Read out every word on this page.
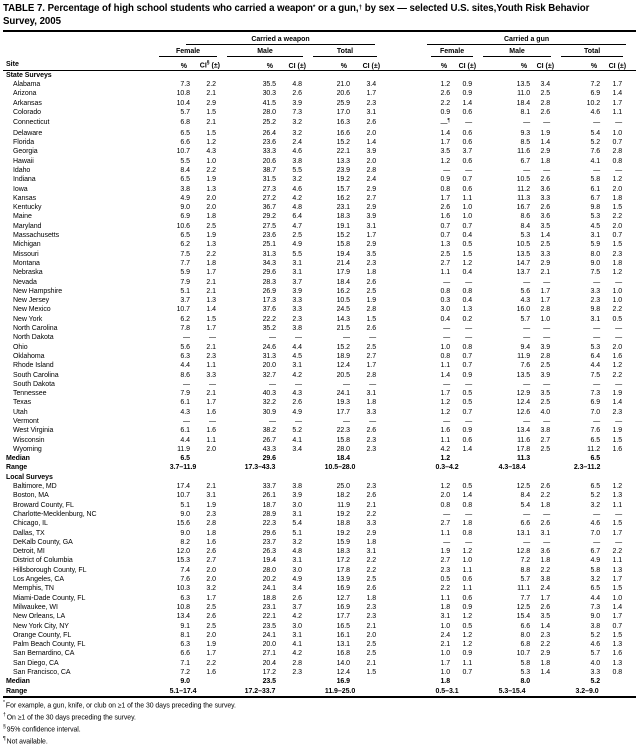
TABLE 7. Percentage of high school students who carried a weapon* or a gun,† by sex — selected U.S. sites,Youth Risk Behavior
Survey, 2005
Site	Carried a weapon							Carried a gun						

	Female		Male		Total			Female		Male		Total		

	%	CI§ (±)	%	CI (±)	%	CI (±)		%	CI (±)	%	CI (±)	%	CI (±)	
State Surveys														
Alabama	7.3	2.2	35.5	4.8	21.0	3.4		1.2	0.9	13.5	3.4	7.2	1.7	
Arizona	10.8	2.1	30.3	2.6	20.6	1.7		2.6	0.9	11.0	2.5	6.9	1.4	
Arkansas	10.4	2.9	41.5	3.9	25.9	2.3		2.2	1.4	18.4	2.8	10.2	1.7	
Colorado	5.7	1.5	28.0	7.3	17.0	3.1		0.9	0.6	8.1	2.6	4.6	1.1	
Connecticut	6.8	2.1	25.2	3.2	16.3	2.6		—¶	—	—	—	—	—	
Delaware	6.5	1.5	26.4	3.2	16.6	2.0		1.4	0.6	9.3	1.9	5.4	1.0	
Florida	6.6	1.2	23.6	2.4	15.2	1.4		1.7	0.6	8.5	1.4	5.2	0.7	
Georgia	10.7	4.3	33.3	4.6	22.1	3.9		3.5	3.7	11.6	2.9	7.6	2.8	
Hawaii	5.5	1.0	20.6	3.8	13.3	2.0		1.2	0.6	6.7	1.8	4.1	0.8	
Idaho	8.4	2.2	38.7	5.5	23.9	2.8		—	—	—	—	—	—	
Indiana	6.5	1.9	31.5	3.2	19.2	2.4		0.9	0.7	10.5	2.6	5.8	1.2	
Iowa	3.8	1.3	27.3	4.6	15.7	2.9		0.8	0.6	11.2	3.6	6.1	2.0	
Kansas	4.9	2.0	27.2	4.2	16.2	2.7		1.7	1.1	11.3	3.3	6.7	1.8	
Kentucky	9.0	2.0	36.7	4.8	23.1	2.9		2.6	1.0	16.7	2.6	9.8	1.5	
Maine	6.9	1.8	29.2	6.4	18.3	3.9		1.6	1.0	8.6	3.6	5.3	2.2	
Maryland	10.6	2.5	27.5	4.7	19.1	3.1		0.7	0.7	8.4	3.5	4.5	2.0	
Massachusetts	6.5	1.9	23.6	2.5	15.2	1.7		0.7	0.4	5.3	1.4	3.1	0.7	
Michigan	6.2	1.3	25.1	4.9	15.8	2.9		1.3	0.5	10.5	2.5	5.9	1.5	
Missouri	7.5	2.2	31.3	5.5	19.4	3.5		2.5	1.5	13.5	3.3	8.0	2.3	
Montana	7.7	1.8	34.3	3.1	21.4	2.3		2.7	1.2	14.7	2.9	9.0	1.8	
Nebraska	5.9	1.7	29.6	3.1	17.9	1.8		1.1	0.4	13.7	2.1	7.5	1.2	
Nevada	7.9	2.1	28.3	3.7	18.4	2.6		—	—	—	—	—	—	
New Hampshire	5.1	2.1	26.9	3.9	16.2	2.5		0.8	0.8	5.6	1.7	3.3	1.0	
New Jersey	3.7	1.3	17.3	3.3	10.5	1.9		0.3	0.4	4.3	1.7	2.3	1.0	
New Mexico	10.7	1.4	37.6	3.3	24.5	2.8		3.0	1.3	16.0	2.8	9.8	2.2	
New York	6.2	1.5	22.2	2.3	14.3	1.5		0.4	0.2	5.7	1.0	3.1	0.5	
North Carolina	7.8	1.7	35.2	3.8	21.5	2.6		—	—	—	—	—	—	
North Dakota	—	—	—	—	—	—		—	—	—	—	—	—	
Ohio	5.6	2.1	24.6	4.4	15.2	2.5		1.0	0.8	9.4	3.9	5.3	2.0	
Oklahoma	6.3	2.3	31.3	4.5	18.9	2.7		0.8	0.7	11.9	2.8	6.4	1.6	
Rhode Island	4.4	1.1	20.0	3.1	12.4	1.7		1.1	0.7	7.6	2.5	4.4	1.2	
South Carolina	8.6	3.3	32.7	4.2	20.5	2.8		1.4	0.9	13.5	3.9	7.5	2.2	
South Dakota	—	—	—	—	—	—		—	—	—	—	—	—	
Tennessee	7.9	2.1	40.3	4.3	24.1	3.1		1.7	0.5	12.9	3.5	7.3	1.9	
Texas	6.1	1.7	32.2	2.6	19.3	1.8		1.2	0.5	12.4	2.5	6.9	1.4	
Utah	4.3	1.6	30.9	4.9	17.7	3.3		1.2	0.7	12.6	4.0	7.0	2.3	
Vermont	—	—	—	—	—	—		—	—	—	—	—	—	
West Virginia	6.1	1.6	38.2	5.2	22.3	2.6		1.6	0.9	13.4	3.8	7.6	1.9	
Wisconsin	4.4	1.1	26.7	4.1	15.8	2.3		1.1	0.6	11.6	2.7	6.5	1.5	
Wyoming	11.9	2.0	43.3	3.4	28.0	2.3		4.2	1.4	17.8	2.5	11.2	1.6	
Median	6.5		29.6		18.4			1.2		11.3		6.5		
Range	3.7–11.9		17.3–43.3		10.5–28.0			0.3–4.2		4.3–18.4		2.3–11.2		
Local Surveys														
Baltimore, MD	17.4	2.1	33.7	3.8	25.0	2.3		1.2	0.5	12.5	2.6	6.5	1.2	
Boston, MA	10.7	3.1	26.1	3.9	18.2	2.6		2.0	1.4	8.4	2.2	5.2	1.3	
Broward County, FL	5.1	1.9	18.7	3.0	11.9	2.1		0.8	0.8	5.4	1.8	3.2	1.1	
Charlotte-Mecklenburg, NC	9.0	2.3	28.9	3.1	19.2	2.2		—	—	—	—	—	—	
Chicago, IL	15.6	2.8	22.3	5.4	18.8	3.3		2.7	1.8	6.6	2.6	4.6	1.5	
Dallas, TX	9.0	1.8	29.6	5.1	19.2	2.9		1.1	0.8	13.1	3.1	7.0	1.7	
DeKalb County, GA	8.2	1.6	23.7	3.2	15.9	1.8		—	—	—	—	—	—	
Detroit, MI	12.0	2.6	26.3	4.8	18.3	3.1		1.9	1.2	12.8	3.6	6.7	2.2	
District of Columbia	15.3	2.7	19.4	3.1	17.2	2.2		2.7	1.0	7.2	1.8	4.9	1.1	
Hillsborough County, FL	7.4	2.0	28.0	3.0	17.8	2.2		2.3	1.1	8.8	2.2	5.8	1.3	
Los Angeles, CA	7.6	2.0	20.2	4.9	13.9	2.5		0.5	0.6	5.7	3.8	3.2	1.7	
Memphis, TN	10.3	3.2	24.1	3.4	16.9	2.6		2.2	1.1	11.1	2.4	6.5	1.5	
Miami-Dade County, FL	6.3	1.7	18.8	2.6	12.7	1.8		1.1	0.6	7.7	1.7	4.4	1.0	
Milwaukee, WI	10.8	2.5	23.1	3.7	16.9	2.3		1.8	0.9	12.5	2.6	7.3	1.4	
New Orleans, LA	13.4	2.6	22.1	4.2	17.7	2.3		3.1	1.2	15.4	3.5	9.0	1.7	
New York City, NY	9.1	2.5	23.5	3.0	16.5	2.1		1.0	0.5	6.6	1.4	3.8	0.7	
Orange County, FL	8.1	2.0	24.1	3.1	16.1	2.0		2.4	1.2	8.0	2.3	5.2	1.5	
Palm Beach County, FL	6.3	1.9	20.0	4.1	13.1	2.5		2.1	1.2	6.8	2.2	4.6	1.3	
San Bernardino, CA	6.6	1.7	27.1	4.2	16.8	2.5		1.0	0.9	10.7	2.9	5.7	1.6	
San Diego, CA	7.1	2.2	20.4	2.8	14.0	2.1		1.7	1.1	5.8	1.8	4.0	1.3	
San Francisco, CA	7.2	1.6	17.2	2.3	12.4	1.5		1.0	0.7	5.3	1.4	3.3	0.8	
Median	9.0		23.5		16.9			1.8		8.0		5.2		
Range	5.1–17.4		17.2–33.7		11.9–25.0			0.5–3.1		5.3–15.4		3.2–9.0		
*For example, a gun, knife, or club on ≥1 of the 30 days preceding the survey.
†On ≥1 of the 30 days preceding the survey.
§95% confidence interval.
¶Not available.
